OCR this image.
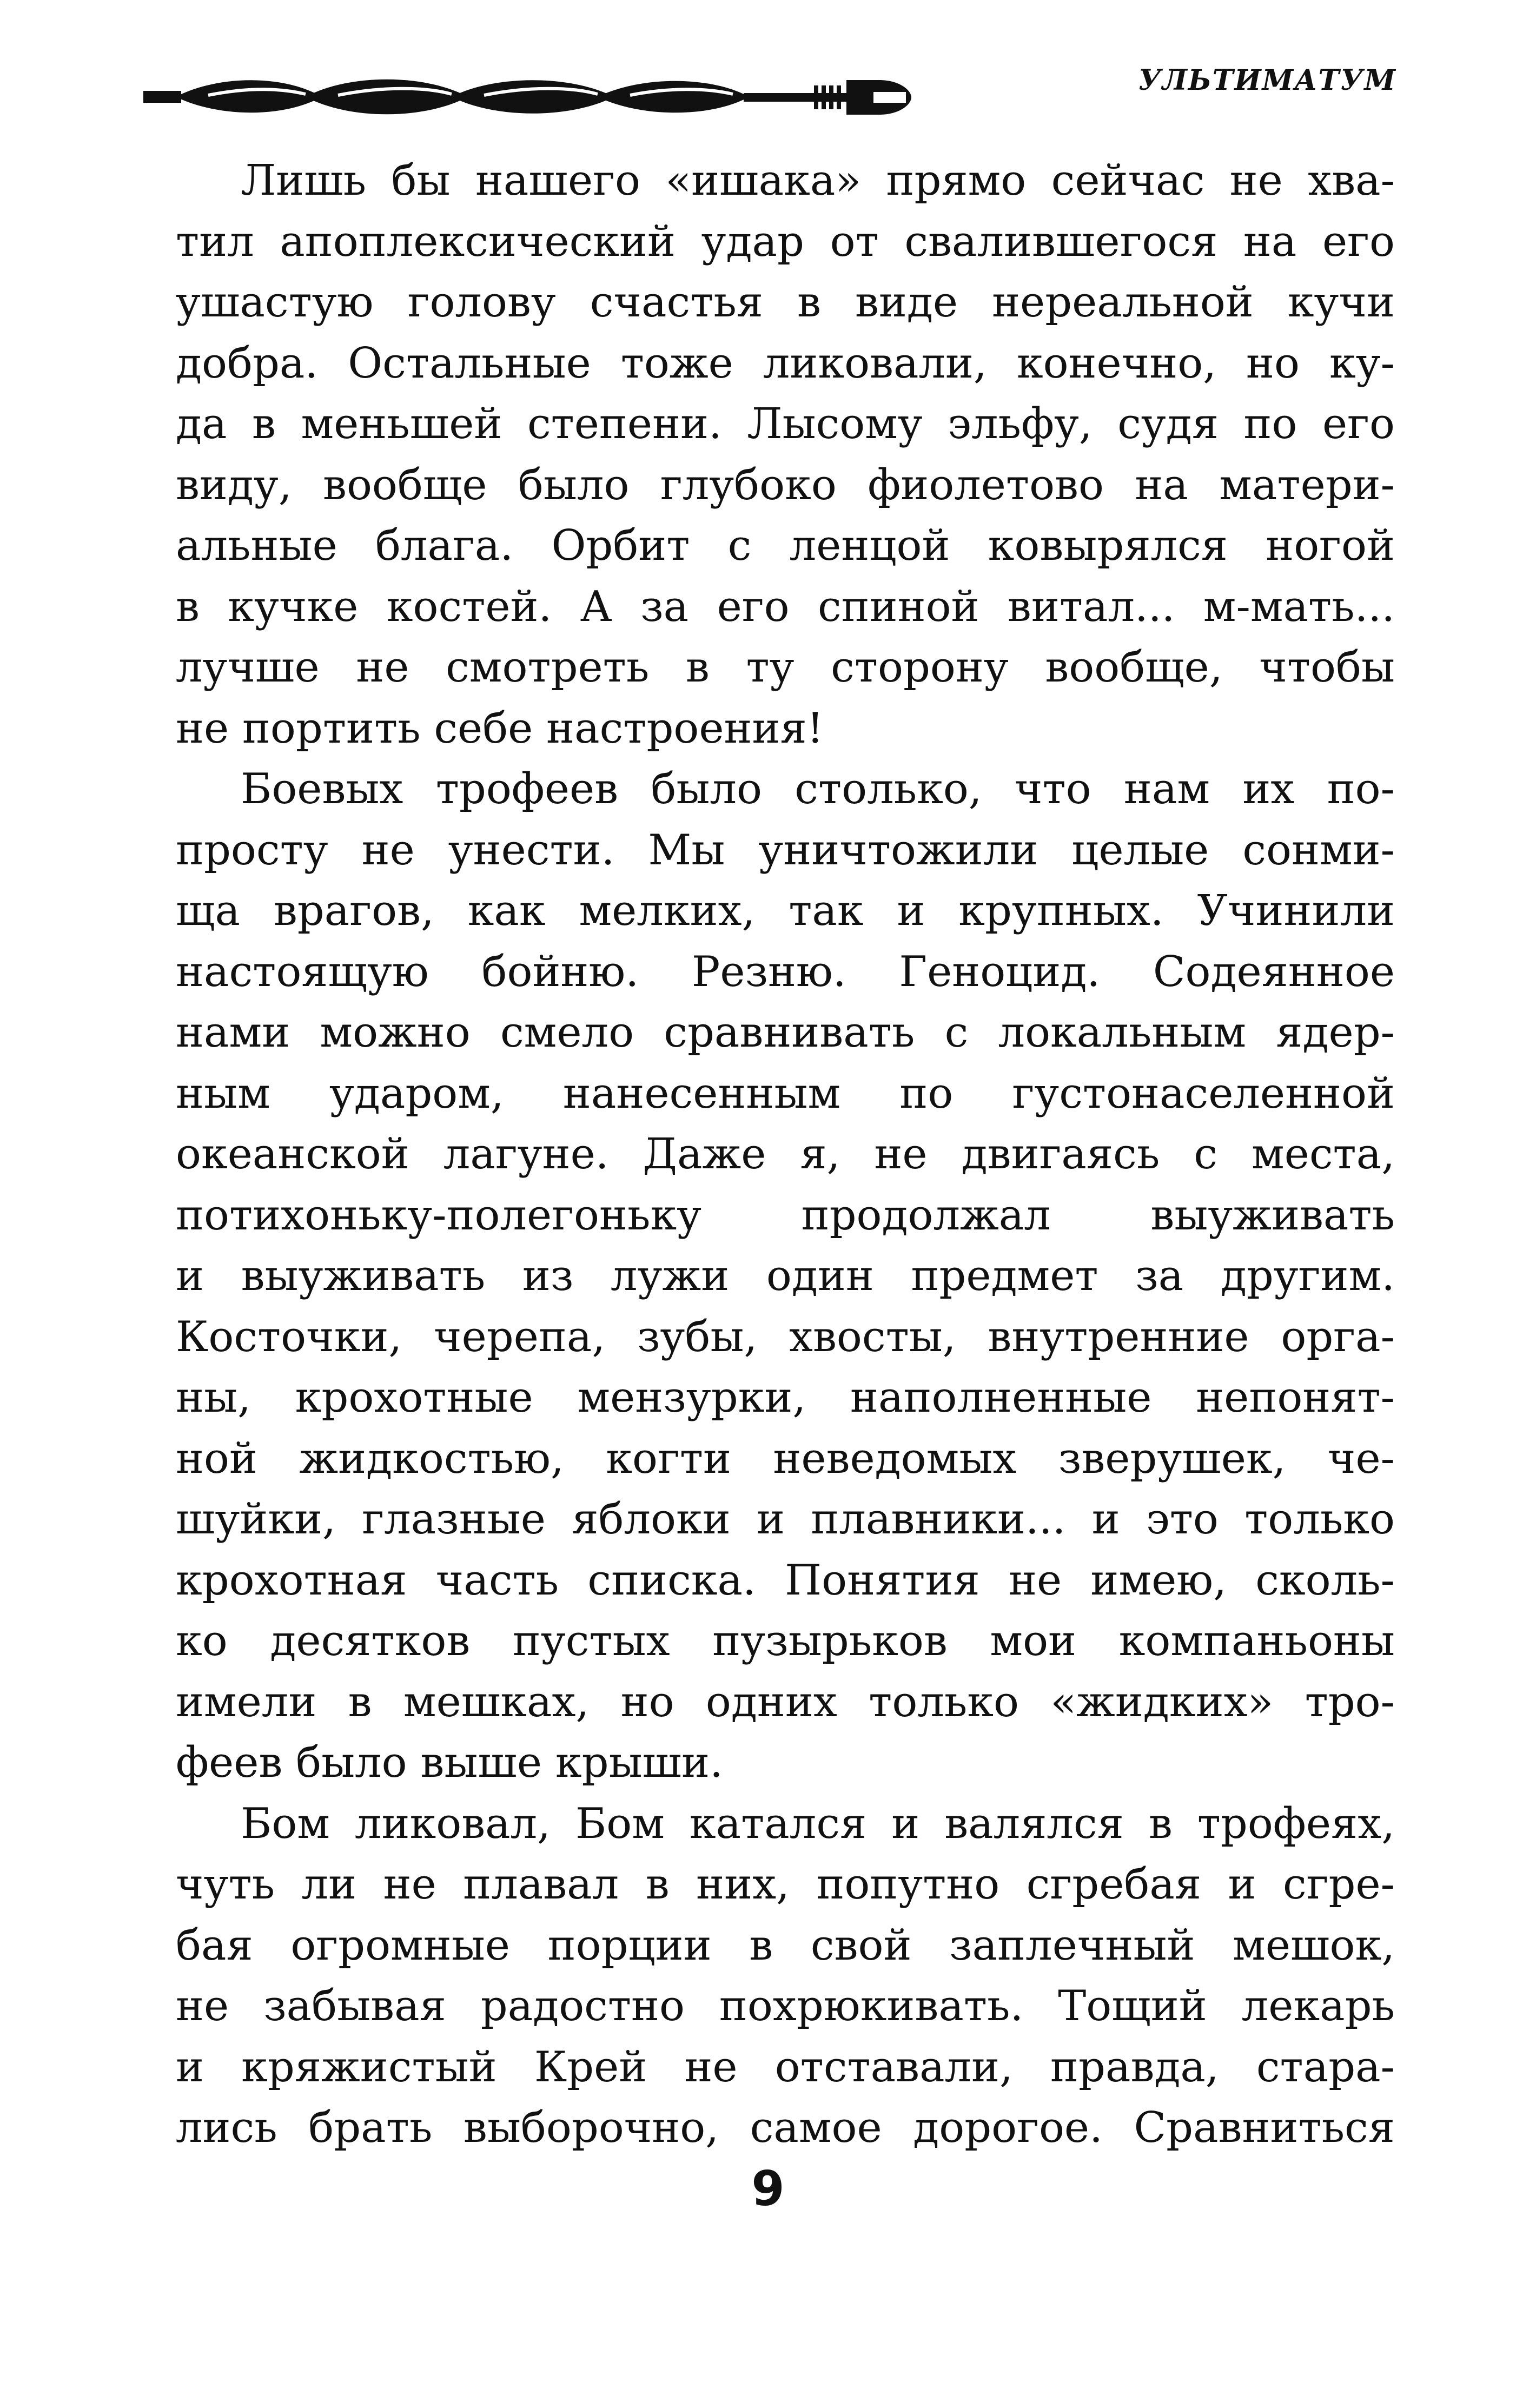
УЛЬТИМАТУМ
Лишь бы нашего «ишака» прямо сейчас не хва-
тил апоплексический удар от свалившегося на его
ушастую голову счастья в виде нереальной кучи
добра. Остальные тоже ликовали, конечно, но ку-
да в меньшей степени. Лысому эльфу, судя по его
виду, вообще было глубоко фиолетово на матери-
альные блага. Орбит с ленцой ковырялся ногой
в кучке костей. А за его спиной витал... м-мать...
лучше не смотреть в ту сторону вообще, чтобы
не портить себе настроения!
Боевых трофеев было столько, что нам их по-
просту не унести. Мы уничтожили целые сонми-
ща врагов, как мелких, так и крупных. Учинили
настоящую бойню. Резню. Геноцид. Содеянное
нами можно смело сравнивать с локальным ядер-
ным ударом, нанесенным по густонаселенной
океанской лагуне. Даже я, не двигаясь с места,
потихоньку-полегоньку продолжал выуживать
и выуживать из лужи один предмет за другим.
Косточки, черепа, зубы, хвосты, внутренние орга-
ны, крохотные мензурки, наполненные непонят-
ной жидкостью, когти неведомых зверушек, че-
шуйки, глазные яблоки и плавники... и это только
крохотная часть списка. Понятия не имею, сколь-
ко десятков пустых пузырьков мои компаньоны
имели в мешках, но одних только «жидких» тро-
феев было выше крыши.
Бом ликовал, Бом катался и валялся в трофеях,
чуть ли не плавал в них, попутно сгребая и сгре-
бая огромные порции в свой заплечный мешок,
не забывая радостно похрюкивать. Тощий лекарь
и кряжистый Крей не отставали, правда, стара-
лись брать выборочно, самое дорогое. Сравниться
9
